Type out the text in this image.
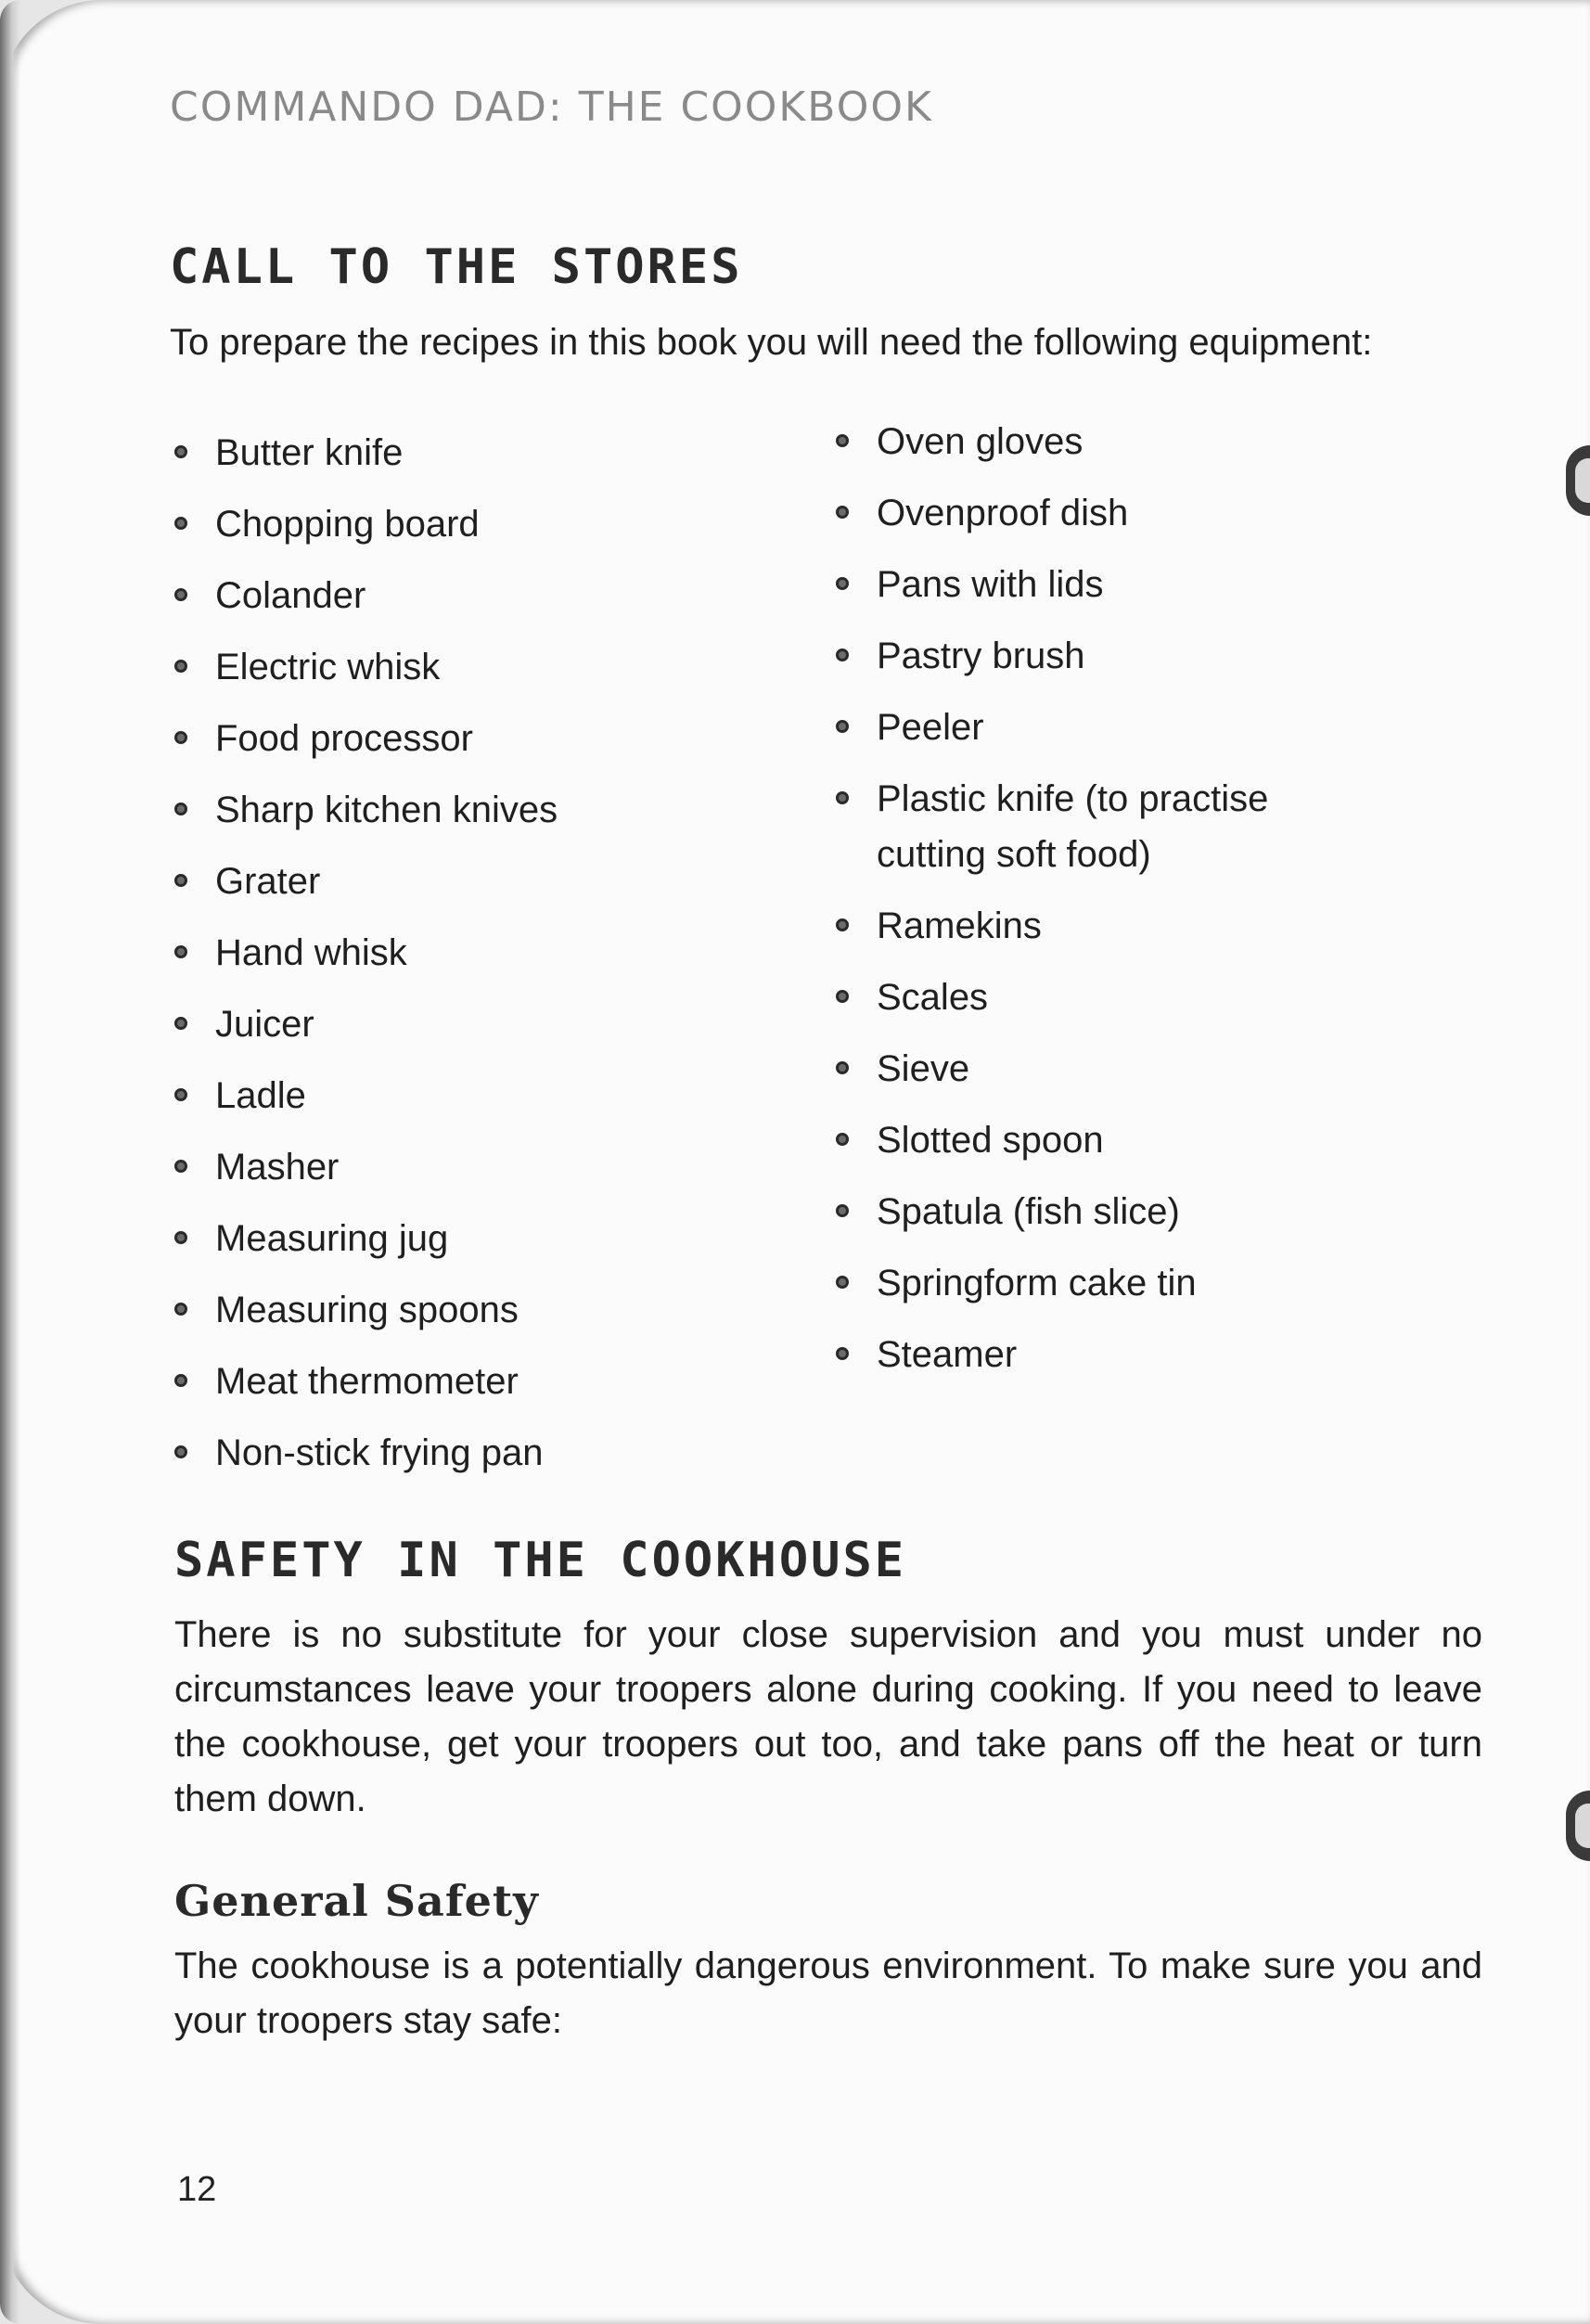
COMMANDO DAD: THE COOKBOOK
CALL TO THE STORES
To prepare the recipes in this book you will need the following equipment:
Butter knife
Chopping board
Colander
Electric whisk
Food processor
Sharp kitchen knives
Grater
Hand whisk
Juicer
Ladle
Masher
Measuring jug
Measuring spoons
Meat thermometer
Non-stick frying pan
Oven gloves
Ovenproof dish
Pans with lids
Pastry brush
Peeler
Plastic knife (to practise cutting soft food)
Ramekins
Scales
Sieve
Slotted spoon
Spatula (fish slice)
Springform cake tin
Steamer
SAFETY IN THE COOKHOUSE
There is no substitute for your close supervision and you must under no circumstances leave your troopers alone during cooking. If you need to leave the cookhouse, get your troopers out too, and take pans off the heat or turn them down.
General Safety
The cookhouse is a potentially dangerous environment. To make sure you and your troopers stay safe:
12
